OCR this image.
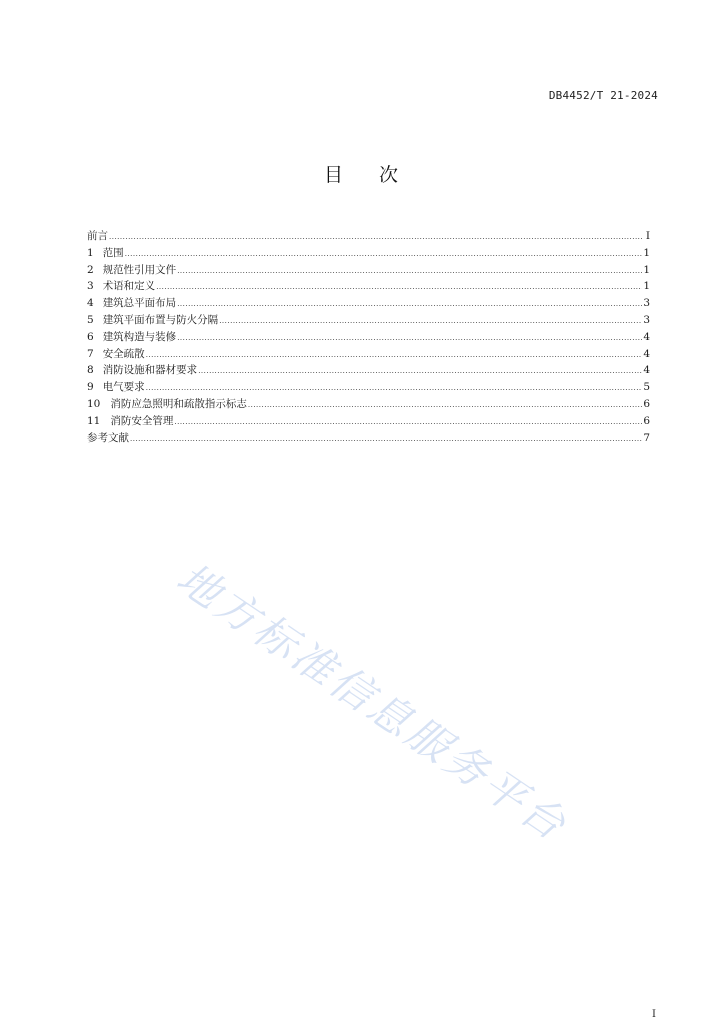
DB4452/T 21-2024
目 次
前言 .....	I
1 范围 .....	1
2 规范性引用文件 .....	1
3 术语和定义 .....	1
4 建筑总平面布局 .....	3
5 建筑平面布置与防火分隔 .....	3
6 建筑构造与装修 .....	4
7 安全疏散 .....	4
8 消防设施和器材要求 .....	4
9 电气要求 .....	5
10 消防应急照明和疏散指示标志 .....	6
11 消防安全管理 .....	6
参考文献 .....	7
地方标准信息服务平台
I
